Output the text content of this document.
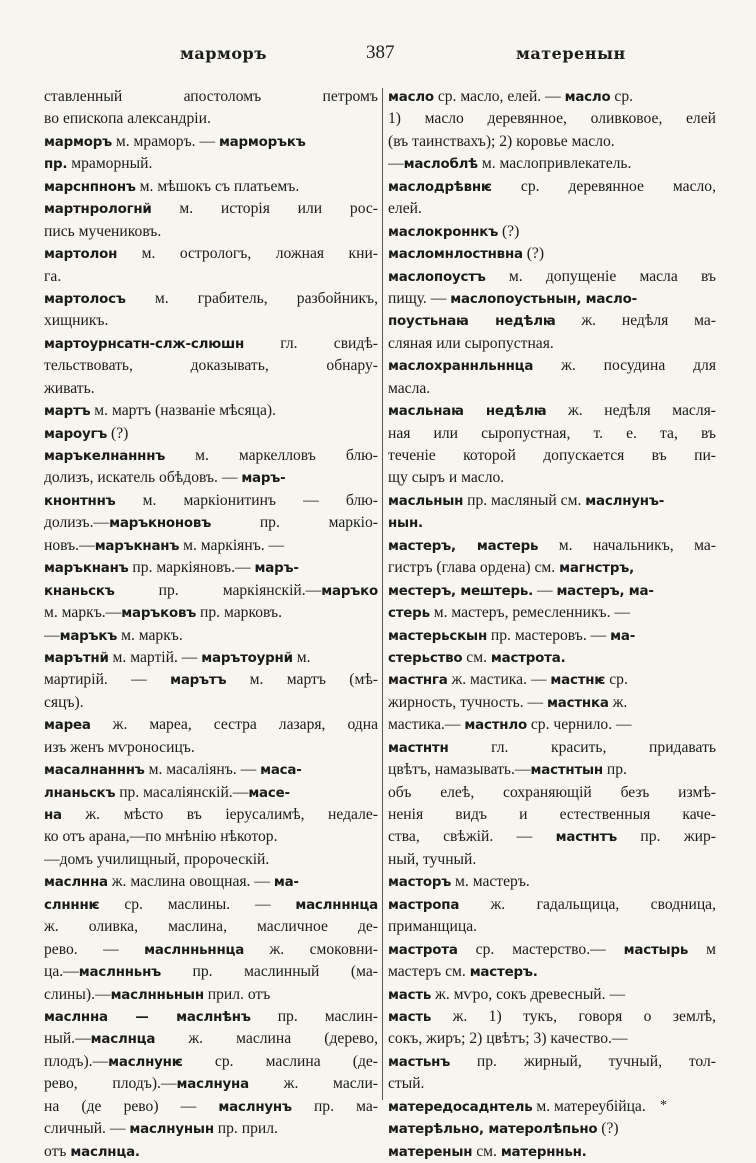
марморъ	387	матеренын
ставленный апостоломъ петромъ
во епископа александріи.
марморъ м. мраморъ. — марморъкъ
пр. мраморный.
марснпнонъ м. мѣшокъ съ платьемъ.
мартнрологнй м. исторія или рос-
пись мучениковъ.
мартолон м. острологъ, ложная кни-
га.
мартолосъ м. грабитель, разбойникъ,
хищникъ.
мартоурнсатн-слж-слюшн гл. свидѣ-
тельствовать, доказывать, обнару-
живать.
мартъ м. мартъ (названіе мѣсяца).
мароугъ (?)
маръкелнанннъ м. маркелловъ блю-
долизъ, искатель обѣдовъ. — маръ-
кнонтннъ м. маркіонитинъ — блю-
долизъ.—маръкноновъ пр. маркіо-
новъ.—маръкнанъ м. маркіянъ. —
маръкнанъ пр. маркіяновъ.— маръ-
кнаньскъ пр. маркіянскій.—маръко
м. маркъ.—маръковъ пр. марковъ.
—маръкъ м. маркъ.
марътнй м. мартій. — марътоурнй м.
мартирій. — марътъ м. мартъ (мѣ-
сяцъ).
мареа ж. мареа, сестра лазаря, одна
изъ женъ мѵроносицъ.
масалнанннъ м. масаліянъ. — маса-
лнаньскъ пр. масаліянскій.—масе-
на ж. мѣсто въ іерусалимѣ, недале-
ко отъ арана,—по мнѣнію нѣкотор.
—домъ училищный, пророческій.
маслнна ж. маслина овощная. — ма-
слнннѥ ср. маслины. — маслнннца
ж. оливка, маслина, масличное де-
рево. — маслнньннца ж. смоковни-
ца.—маслнньнъ пр. маслинный (ма-
слины).—маслнньнын прил. отъ
маслнна — маслнѣнъ пр. маслин-
ный.—маслнца ж. маслина (дерево,
плодъ).—маслнунѥ ср. маслина (де-
рево, плодъ).—маслнуна ж. масли-
на (де рево) — маслнунъ пр. ма-
сличный. — маслнунын пр. прил.
отъ маслнца.
масло ср. масло, елей. — масло ср.
1) масло деревянное, оливковое, елей
(въ таинствахъ); 2) коровье масло.
—маслоблѣ м. маслопривлекатель.
маслодрѣвнѥ ср. деревянное масло,
елей.
маслокроннкъ (?)
масломнлостнвна (?)
маслопоустъ м. допущеніе масла въ
пищу. — маслопоустьнын, масло-
поустьнаꙗ недѣлꙗ ж. недѣля ма-
сляная или сыропустная.
маслохраннльннца ж. посудина для
масла.
масльнаꙗ недѣлꙗ ж. недѣля масля-
ная или сыропустная, т. е. та, въ
теченіе которой допускается въ пи-
щу сыръ и масло.
масльнын пр. масляный см. маслнунъ-
нын.
мастеръ, мастерь м. начальникъ, ма-
гистръ (глава ордена) см. магнстръ,
местеръ, мештерь. — мастеръ, ма-
стерь м. мастеръ, ремесленникъ. —
мастерьскын пр. мастеровъ. — ма-
стерьство см. мастрота.
мастнга ж. мастика. — мастнѥ ср.
жирность, тучность. — мастнка ж.
мастика.— мастнло ср. чернило. —
мастнтн гл. красить, придавать
цвѣтъ, намазывать.—мастнтын пр.
объ елеѣ, сохраняющій безъ измѣ-
ненія видъ и естественныя каче-
ства, свѣжій. — мастнтъ пр. жир-
ный, тучный.
масторъ м. мастеръ.
мастропа ж. гадальщица, сводница,
приманщица.
мастрота ср. мастерство.— мастырь м
мастеръ см. мастеръ.
масть ж. мѵро, сокъ древесный. —
масть ж. 1) тукъ, говоря о землѣ,
сокъ, жиръ; 2) цвѣтъ; 3) качество.—
мастьнъ пр. жирный, тучный, тол-
стый.
матередосаднтель м. матереубійца.
матерѣльно, матеролѣпьно (?)
матеренын см. матернньн.
*
